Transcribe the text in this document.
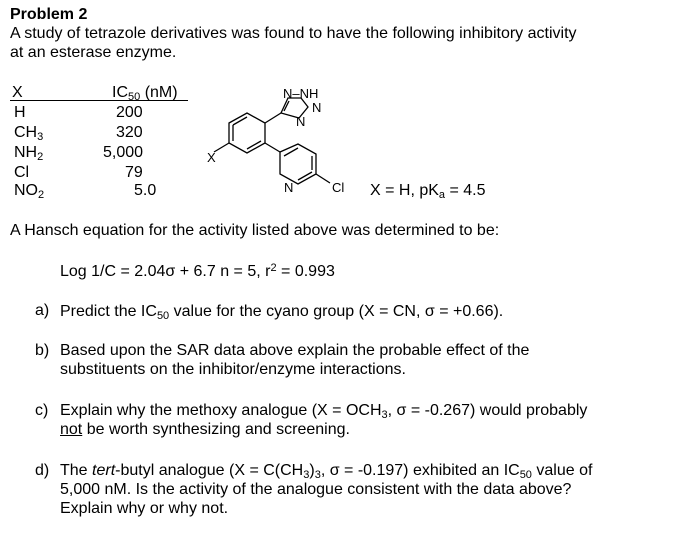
Problem 2
A study of tetrazole derivatives was found to have the following inhibitory activity
at an esterase enzyme.
X	$IC_{50}$ (nM)
H
$CH_3$
$NH_2$
Cl
$NO_2$
200
320
5,000
79
5.0
N–NH
N
N
X
N	Cl X = H, $pK_a = 4.5$
A Hansch equation for the activity listed above was determined to be:
Log 1/C = 2.04σ + 6.7 n = 5, $r^2 = 0.993$
a) Predict the $IC_{50}$ value for the cyano group (X = CN, σ = +0.66).
b) Based upon the SAR data above explain the probable effect of the
substituents on the inhibitor/enzyme interactions.
c) Explain why the methoxy analogue ($X = OCH_3$, σ = -0.267) would probably
not be worth synthesizing and screening.
d) The tert-butyl analogue ($X = C(CH_3)_3$, σ = -0.197) exhibited an $IC_{50}$ value of
5,000 nM. Is the activity of the analogue consistent with the data above?
Explain why or why not.
